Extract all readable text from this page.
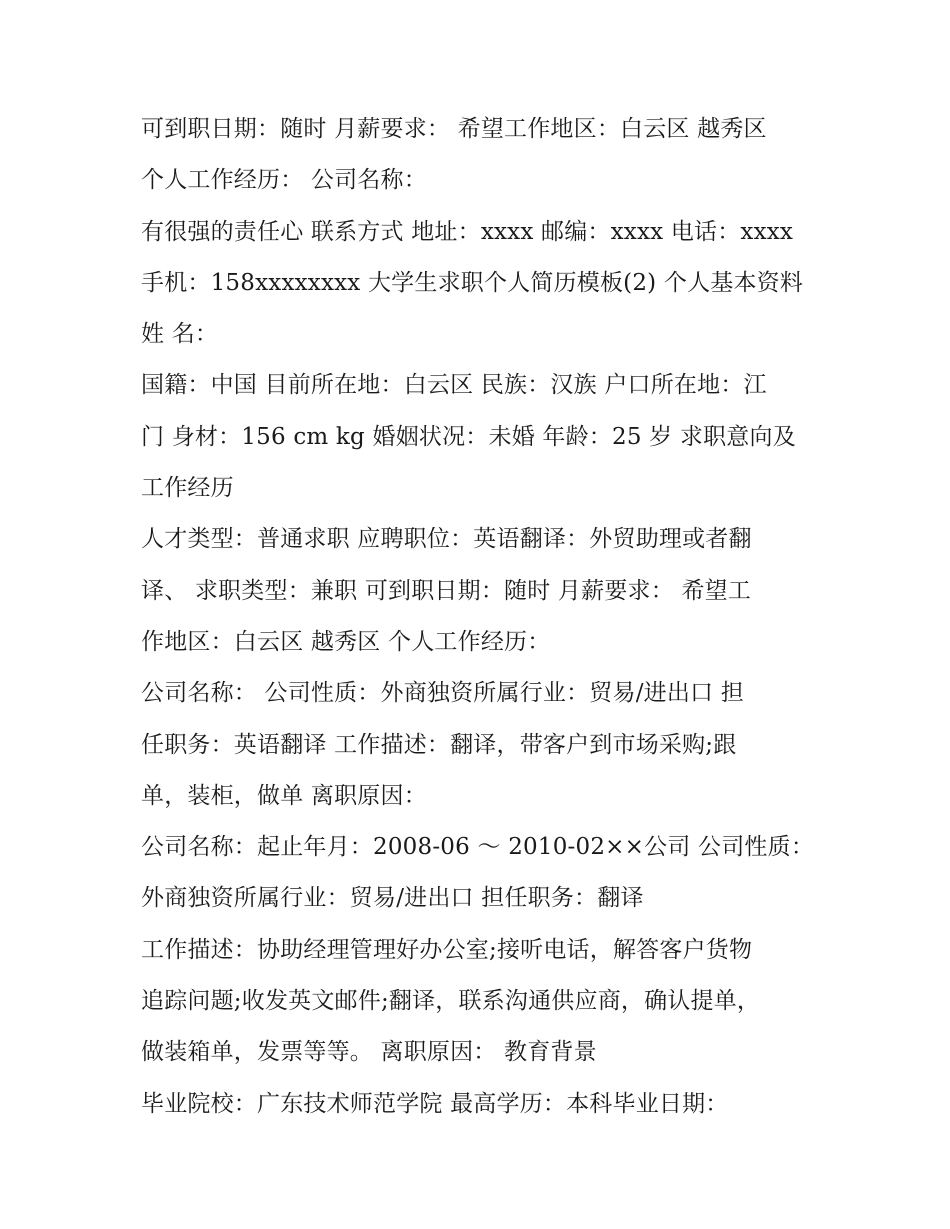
可到职日期：随时 月薪要求： 希望工作地区：白云区 越秀区
个人工作经历： 公司名称：
有很强的责任心 联系方式 地址：xxxx 邮编：xxxx 电话：xxxx
手机：158xxxxxxxx 大学生求职个人简历模板(2) 个人基本资料
姓 名：
国籍：中国 目前所在地：白云区 民族：汉族 户口所在地：江
门 身材：156 cm kg 婚姻状况：未婚 年龄：25 岁 求职意向及
工作经历
人才类型：普通求职 应聘职位：英语翻译：外贸助理或者翻
译、 求职类型：兼职 可到职日期：随时 月薪要求： 希望工
作地区：白云区 越秀区 个人工作经历：
公司名称： 公司性质：外商独资所属行业：贸易/进出口 担
任职务：英语翻译 工作描述：翻译，带客户到市场采购;跟
单，装柜，做单 离职原因：
公司名称：起止年月：2008-06 ～ 2010-02××公司 公司性质：
外商独资所属行业：贸易/进出口 担任职务：翻译
工作描述：协助经理管理好办公室;接听电话，解答客户货物
追踪问题;收发英文邮件;翻译，联系沟通供应商，确认提单，
做装箱单，发票等等。 离职原因： 教育背景
毕业院校：广东技术师范学院 最高学历：本科毕业日期：
